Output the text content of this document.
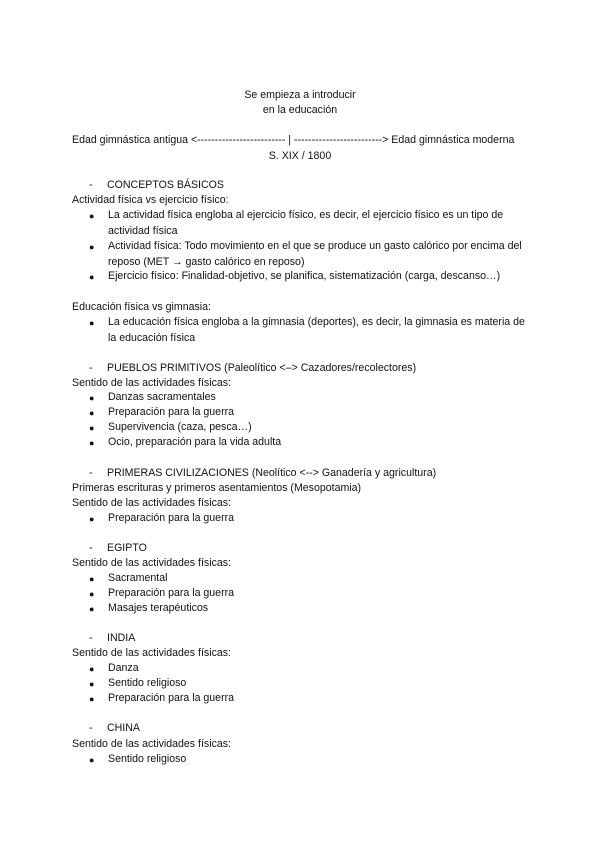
Se empieza a introducir
en la educación
Edad gimnástica antigua <------------------------- | -------------------------> Edad gimnástica moderna
S. XIX / 1800
- CONCEPTOS BÁSICOS
Actividad física vs ejercicio físico:
● La actividad física engloba al ejercicio físico, es decir, el ejercicio físico es un tipo de actividad física
● Actividad física: Todo movimiento en el que se produce un gasto calórico por encima del reposo (MET → gasto calórico en reposo)
● Ejercicio físico: Finalidad-objetivo, se planifica, sistematización (carga, descanso…)
Educación física vs gimnasia:
● La educación física engloba a la gimnasia (deportes), es decir, la gimnasia es materia de la educación física
- PUEBLOS PRIMITIVOS (Paleolítico <–> Cazadores/recolectores)
Sentido de las actividades físicas:
● Danzas sacramentales
● Preparación para la guerra
● Supervivencia (caza, pesca…)
● Ocio, preparación para la vida adulta
- PRIMERAS CIVILIZACIONES (Neolítico <--> Ganadería y agricultura)
Primeras escrituras y primeros asentamientos (Mesopotamia)
Sentido de las actividades físicas:
● Preparación para la guerra
- EGIPTO
Sentido de las actividades físicas:
● Sacramental
● Preparación para la guerra
● Masajes terapéuticos
- INDIA
Sentido de las actividades físicas:
● Danza
● Sentido religioso
● Preparación para la guerra
- CHINA
Sentido de las actividades físicas:
● Sentido religioso
